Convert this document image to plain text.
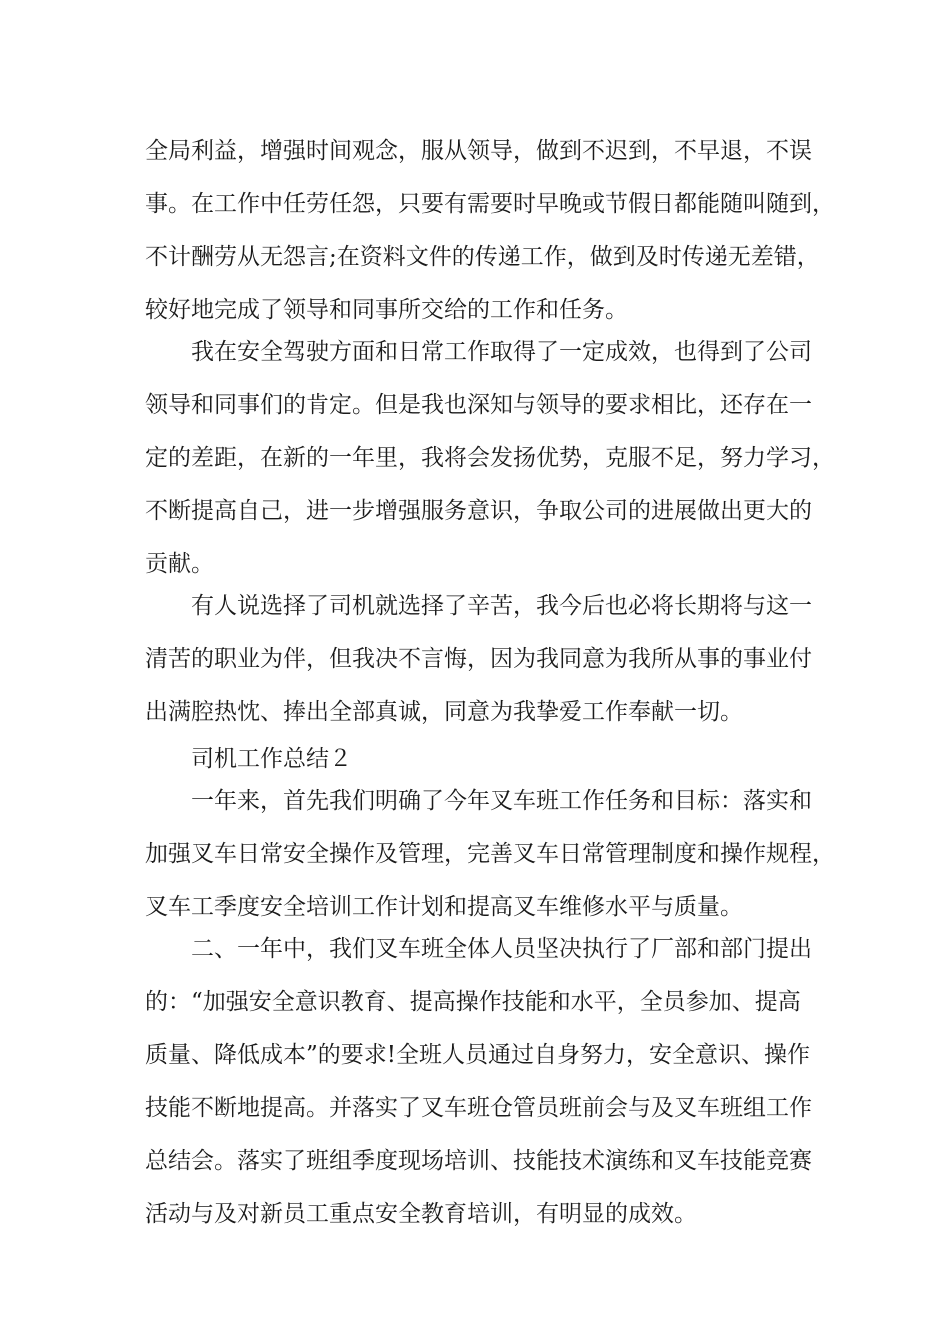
全局利益，增强时间观念，服从领导，做到不迟到，不早退，不误
事。在工作中任劳任怨，只要有需要时早晚或节假日都能随叫随到，
不计酬劳从无怨言;在资料文件的传递工作，做到及时传递无差错，
较好地完成了领导和同事所交给的工作和任务。
我在安全驾驶方面和日常工作取得了一定成效，也得到了公司
领导和同事们的肯定。但是我也深知与领导的要求相比，还存在一
定的差距，在新的一年里，我将会发扬优势，克服不足，努力学习，
不断提高自己，进一步增强服务意识，争取公司的进展做出更大的
贡献。
有人说选择了司机就选择了辛苦，我今后也必将长期将与这一
清苦的职业为伴，但我决不言悔，因为我同意为我所从事的事业付
出满腔热忱、捧出全部真诚，同意为我挚爱工作奉献一切。
司机工作总结２
一年来，首先我们明确了今年叉车班工作任务和目标：落实和
加强叉车日常安全操作及管理，完善叉车日常管理制度和操作规程，
叉车工季度安全培训工作计划和提高叉车维修水平与质量。
二、一年中，我们叉车班全体人员坚决执行了厂部和部门提出
的：“加强安全意识教育、提高操作技能和水平，全员参加、提高
质量、降低成本”的要求!全班人员通过自身努力，安全意识、操作
技能不断地提高。并落实了叉车班仓管员班前会与及叉车班组工作
总结会。落实了班组季度现场培训、技能技术演练和叉车技能竞赛
活动与及对新员工重点安全教育培训，有明显的成效。
